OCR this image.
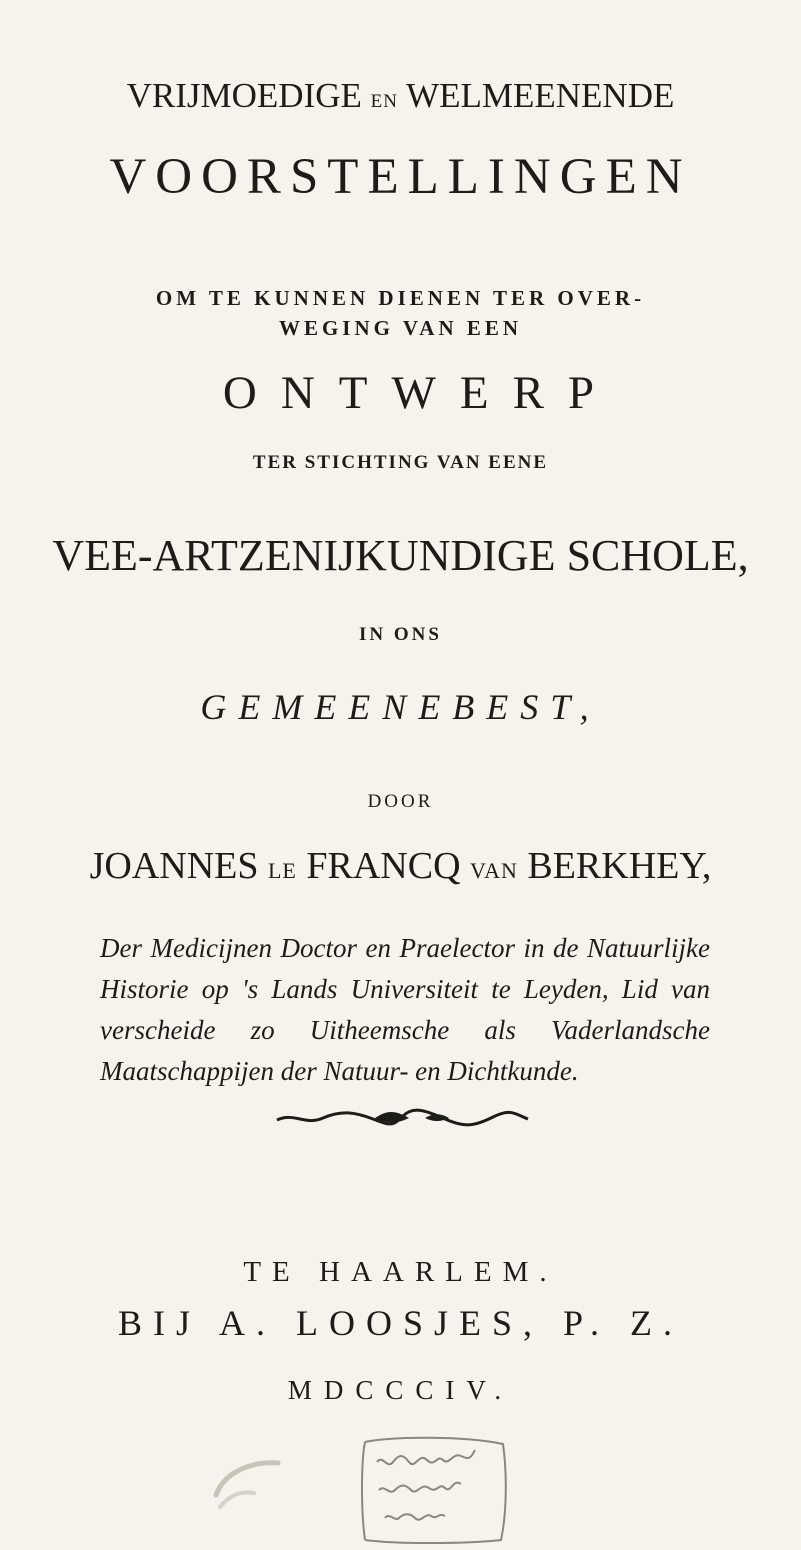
VRIJMOEDIGE EN WELMEENENDE
VOORSTELLINGEN
OM TE KUNNEN DIENEN TER OVER-
WEGING VAN EEN
ONTWERP
TER STICHTING VAN EENE
VEE-ARTZENIJKUNDIGE SCHOLE,
IN ONS
GEMEENEBEST,
DOOR
JOANNES LE FRANCQ VAN BERKHEY,
Der Medicijnen Doctor en Praelector in de Natuurlijke Historie op 's Lands Universiteit te Leyden, Lid van verscheide zo Uitheemsche als Vaderlandsche Maatschappijen der Natuur- en Dichtkunde.
TE HAARLEM.
BIJ A. LOOSJES, P. Z.
MDCCCIV.
